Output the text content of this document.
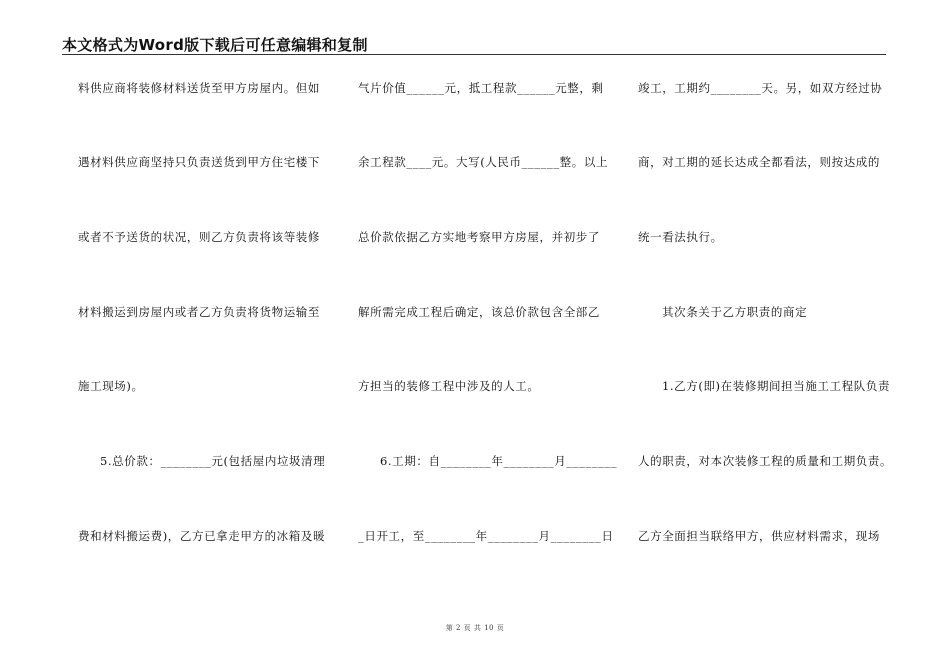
本文格式为Word版下载后可任意编辑和复制
料供应商将装修材料送货至甲方房屋内。但如
遇材料供应商坚持只负责送货到甲方住宅楼下
或者不予送货的状况，则乙方负责将该等装修
材料搬运到房屋内或者乙方负责将货物运输至
施工现场)。
5.总价款：________元(包括屋内垃圾清理
费和材料搬运费)，乙方已拿走甲方的冰箱及暖
气片价值______元，抵工程款______元整，剩
余工程款____元。大写(人民币______整。以上
总价款依据乙方实地考察甲方房屋，并初步了
解所需完成工程后确定，该总价款包含全部乙
方担当的装修工程中涉及的人工。
6.工期：自________年________月________
_日开工，至________年________月________日
竣工，工期约________天。另，如双方经过协
商，对工期的延长达成全都看法，则按达成的
统一看法执行。
其次条关于乙方职责的商定
1.乙方(即)在装修期间担当施工工程队负责
人的职责，对本次装修工程的质量和工期负责。
乙方全面担当联络甲方，供应材料需求，现场
第 2 页 共 10 页
